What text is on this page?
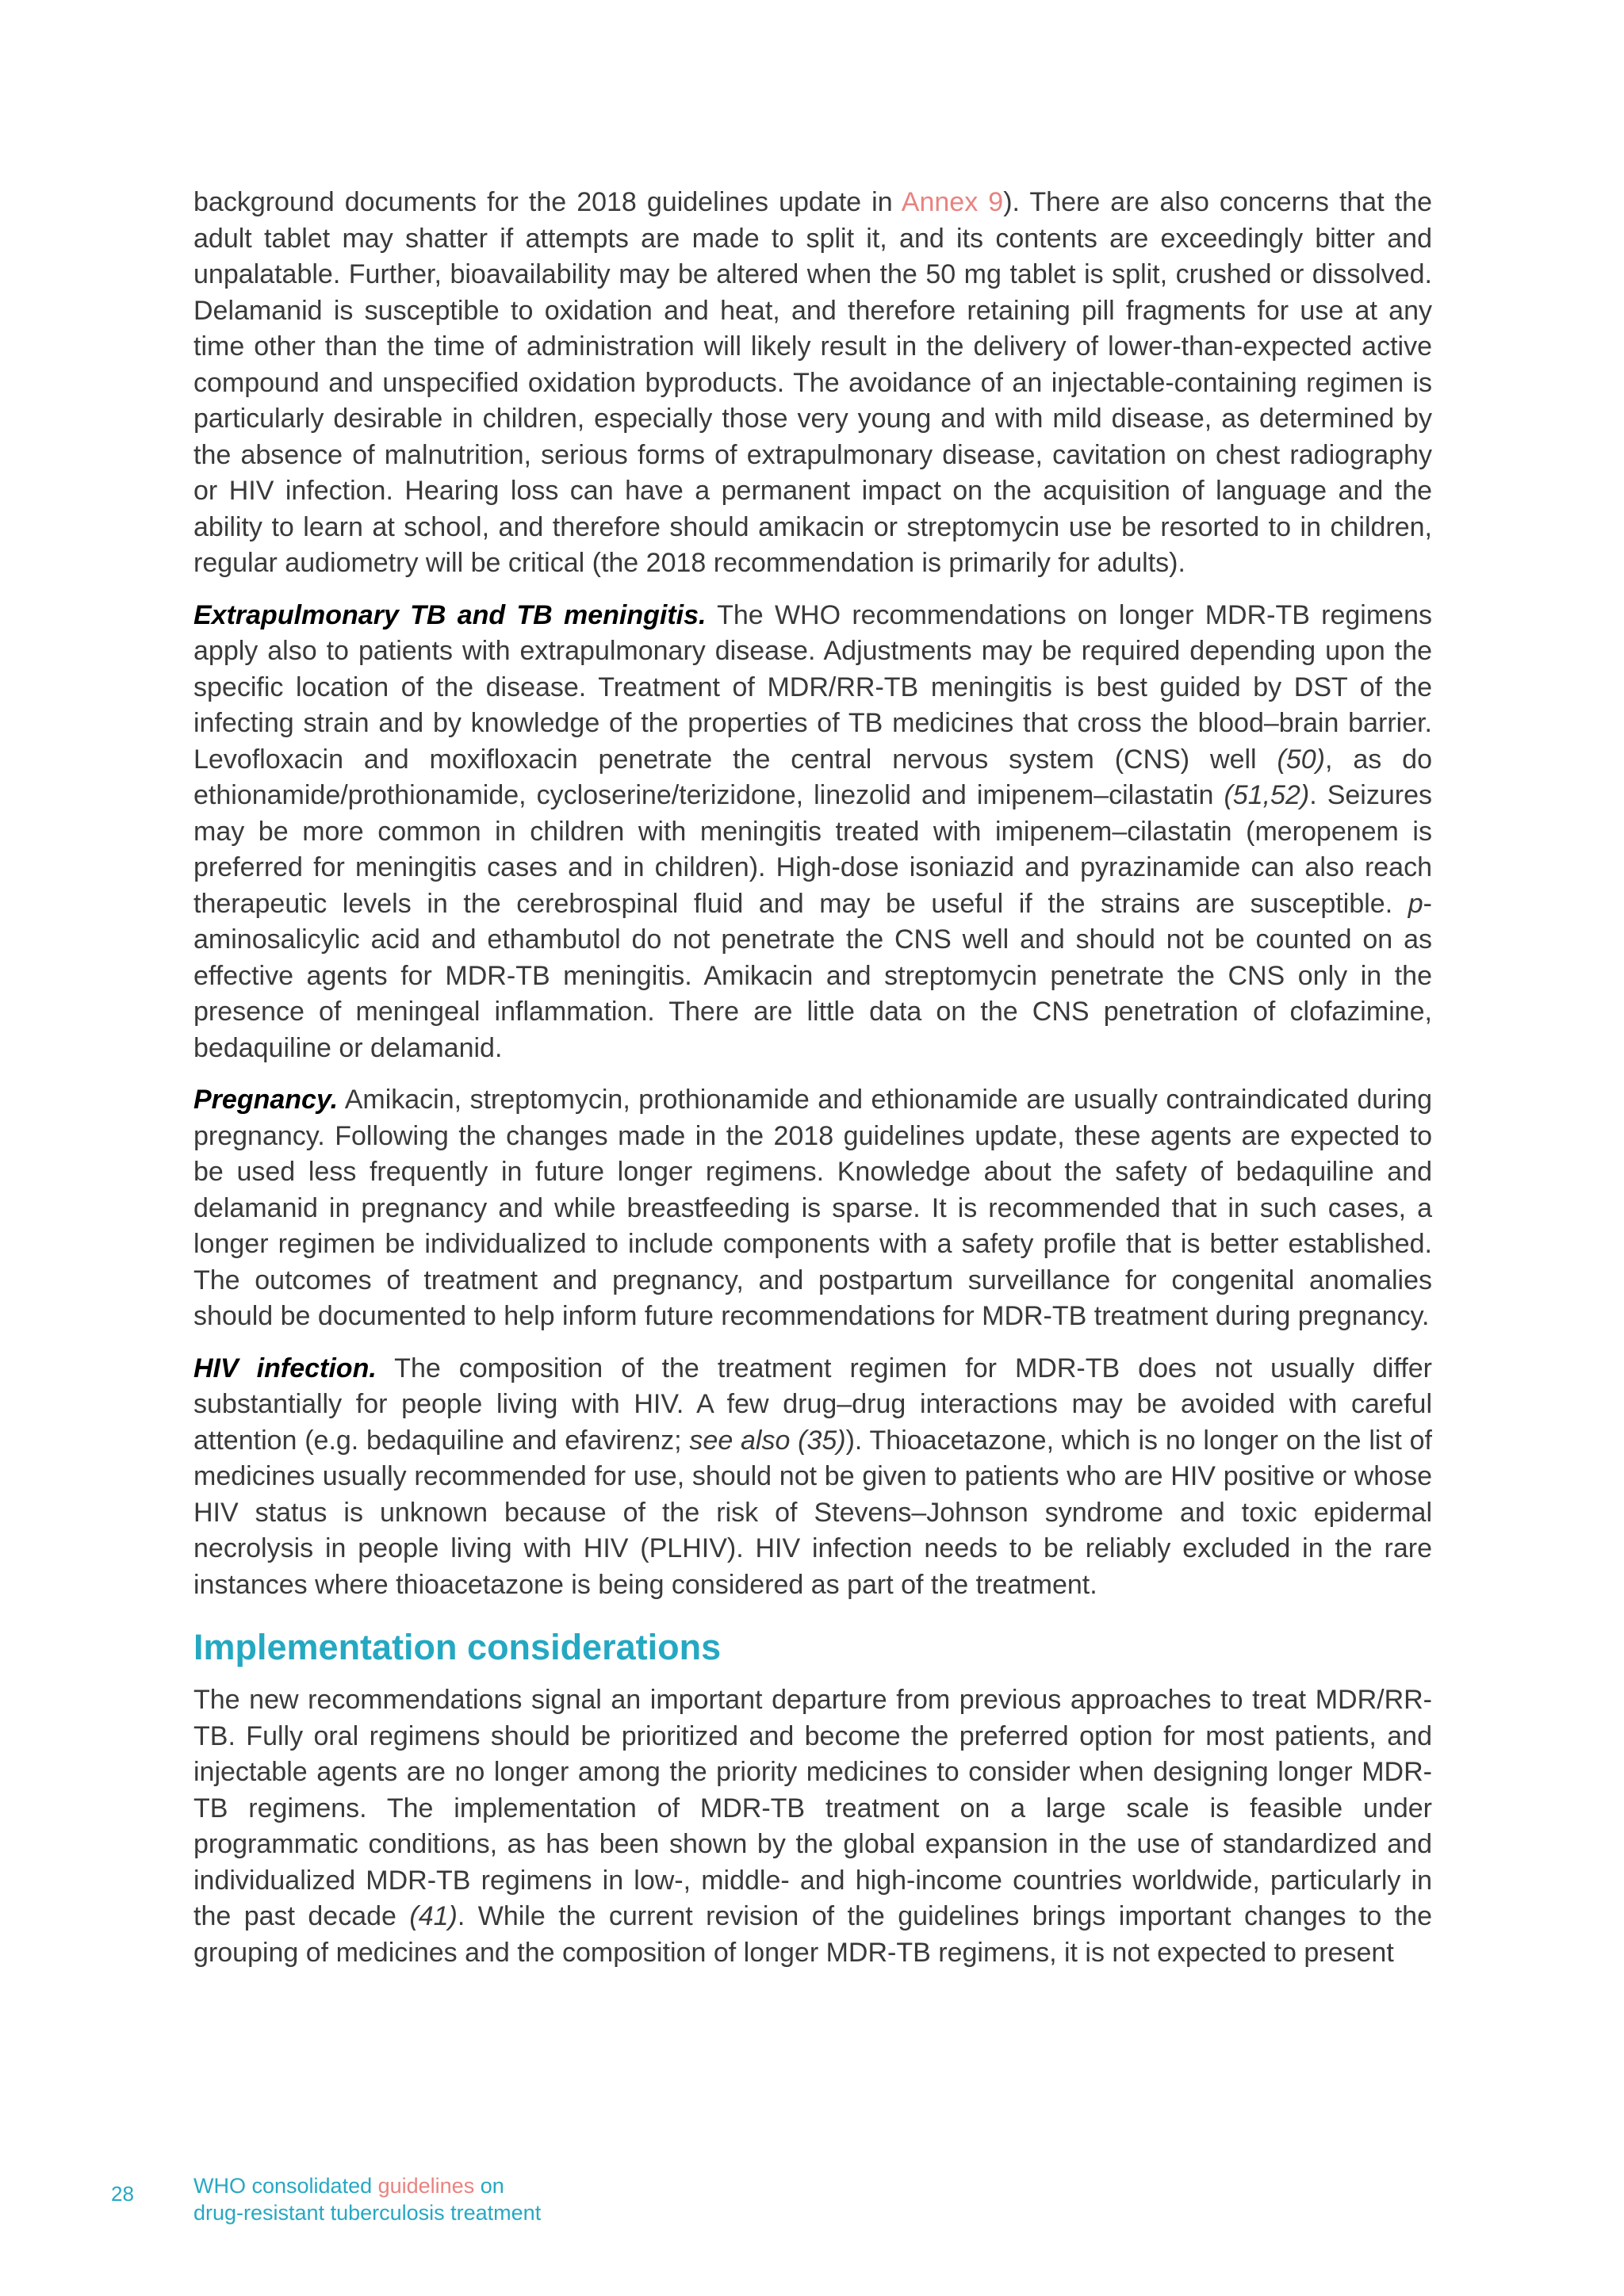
background documents for the 2018 guidelines update in Annex 9). There are also concerns that the adult tablet may shatter if attempts are made to split it, and its contents are exceedingly bitter and unpalatable. Further, bioavailability may be altered when the 50 mg tablet is split, crushed or dissolved. Delamanid is susceptible to oxidation and heat, and therefore retaining pill fragments for use at any time other than the time of administration will likely result in the delivery of lower-than-expected active compound and unspecified oxidation byproducts. The avoidance of an injectable-containing regimen is particularly desirable in children, especially those very young and with mild disease, as determined by the absence of malnutrition, serious forms of extrapulmonary disease, cavitation on chest radiography or HIV infection. Hearing loss can have a permanent impact on the acquisition of language and the ability to learn at school, and therefore should amikacin or streptomycin use be resorted to in children, regular audiometry will be critical (the 2018 recommendation is primarily for adults).

Extrapulmonary TB and TB meningitis. The WHO recommendations on longer MDR-TB regimens apply also to patients with extrapulmonary disease. Adjustments may be required depending upon the specific location of the disease. Treatment of MDR/RR-TB meningitis is best guided by DST of the infecting strain and by knowledge of the properties of TB medicines that cross the blood–brain barrier. Levofloxacin and moxifloxacin penetrate the central nervous system (CNS) well (50), as do ethionamide/prothionamide, cycloserine/terizidone, linezolid and imipenem–cilastatin (51,52). Seizures may be more common in children with meningitis treated with imipenem–cilastatin (meropenem is preferred for meningitis cases and in children). High-dose isoniazid and pyrazinamide can also reach therapeutic levels in the cerebrospinal fluid and may be useful if the strains are susceptible. p-aminosalicylic acid and ethambutol do not penetrate the CNS well and should not be counted on as effective agents for MDR-TB meningitis. Amikacin and streptomycin penetrate the CNS only in the presence of meningeal inflammation. There are little data on the CNS penetration of clofazimine, bedaquiline or delamanid.

Pregnancy. Amikacin, streptomycin, prothionamide and ethionamide are usually contraindicated during pregnancy. Following the changes made in the 2018 guidelines update, these agents are expected to be used less frequently in future longer regimens. Knowledge about the safety of bedaquiline and delamanid in pregnancy and while breastfeeding is sparse. It is recommended that in such cases, a longer regimen be individualized to include components with a safety profile that is better established. The outcomes of treatment and pregnancy, and postpartum surveillance for congenital anomalies should be documented to help inform future recommendations for MDR-TB treatment during pregnancy.

HIV infection. The composition of the treatment regimen for MDR-TB does not usually differ substantially for people living with HIV. A few drug–drug interactions may be avoided with careful attention (e.g. bedaquiline and efavirenz; see also (35)). Thioacetazone, which is no longer on the list of medicines usually recommended for use, should not be given to patients who are HIV positive or whose HIV status is unknown because of the risk of Stevens–Johnson syndrome and toxic epidermal necrolysis in people living with HIV (PLHIV). HIV infection needs to be reliably excluded in the rare instances where thioacetazone is being considered as part of the treatment.

Implementation considerations

The new recommendations signal an important departure from previous approaches to treat MDR/RR-TB. Fully oral regimens should be prioritized and become the preferred option for most patients, and injectable agents are no longer among the priority medicines to consider when designing longer MDR-TB regimens. The implementation of MDR-TB treatment on a large scale is feasible under programmatic conditions, as has been shown by the global expansion in the use of standardized and individualized MDR-TB regimens in low-, middle- and high-income countries worldwide, particularly in the past decade (41). While the current revision of the guidelines brings important changes to the grouping of medicines and the composition of longer MDR-TB regimens, it is not expected to present

28	WHO consolidated guidelines on
drug-resistant tuberculosis treatment
